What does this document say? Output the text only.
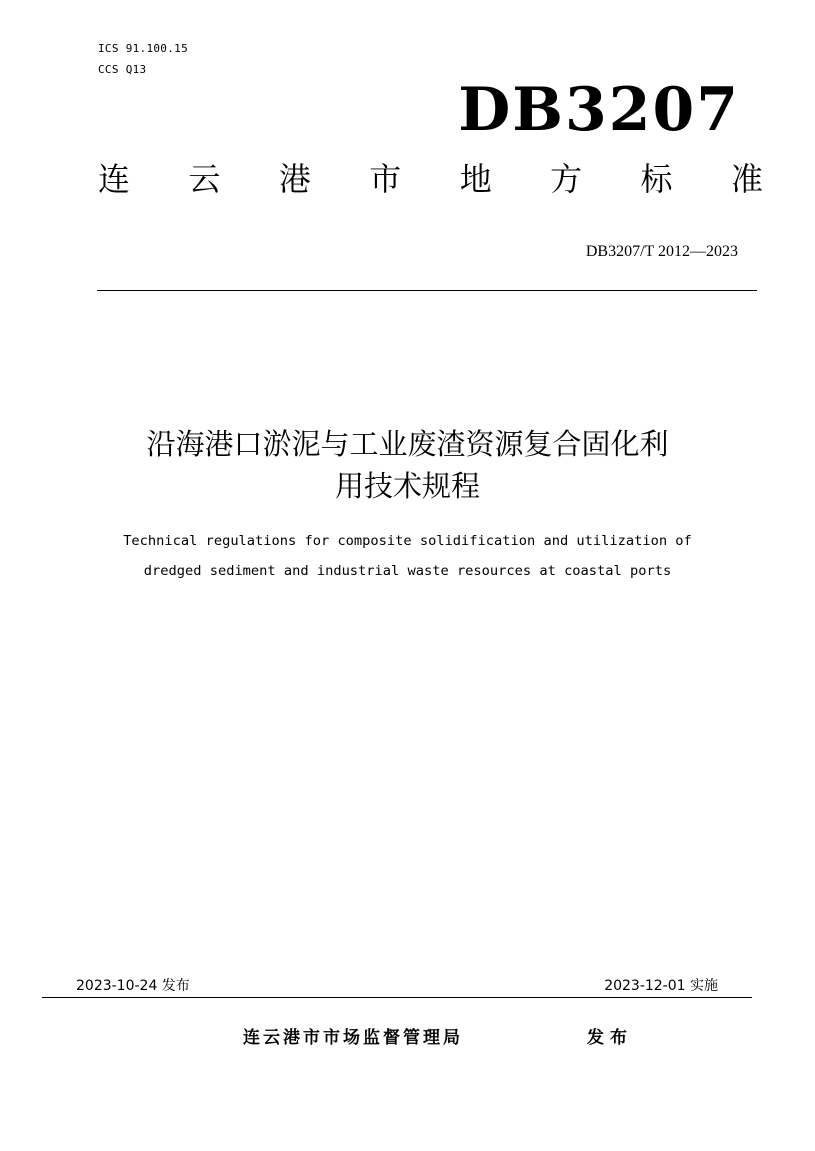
ICS 91.100.15
CCS Q13
DB3207
连 云 港 市 地 方 标 准
DB3207/T 2012—2023
沿海港口淤泥与工业废渣资源复合固化利
用技术规程
Technical regulations for composite solidification and utilization of
dredged sediment and industrial waste resources at coastal ports
2023-10-24 发布	2023-12-01 实施
连云港市市场监督管理局	发布
